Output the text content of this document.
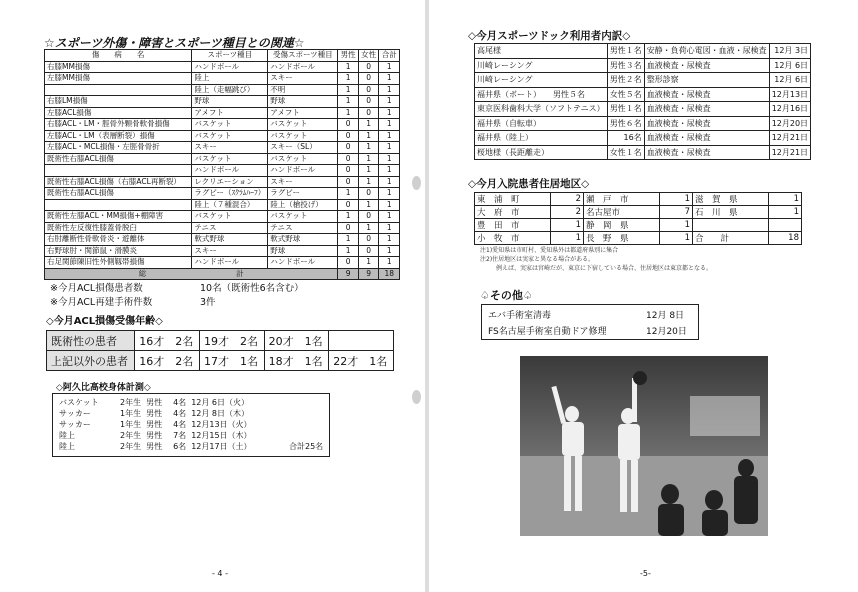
☆スポーツ外傷・障害とスポーツ種目との関連☆
傷　　病　　名	スポーツ種目	受傷スポーツ種目	男性	女性	合計
右膝MM損傷	ハンドボール	ハンドボール	1	0	1
左膝MM損傷	陸上	スキー	1	0	1
	陸上（走幅跳び）	不明	1	0	1
右膝LM損傷	野球	野球	1	0	1
左膝ACL損傷	アメフト	アメフト	1	0	1
右膝ACL・LM・脛骨外顆骨軟骨損傷	バスケット	バスケット	0	1	1
左膝ACL・LM（表層断裂）損傷	バスケット	バスケット	0	1	1
左膝ACL・MCL損傷・左脛骨骨折	スキー	スキー（SL）	0	1	1
既術性右膝ACL損傷	バスケット	バスケット	0	1	1
	ハンドボール	ハンドボール	0	1	1
既術性右膝ACL損傷（右膝ACL再断裂）	レクリエーション	スキー	0	1	1
既術性右膝ACL損傷	ラグビー（ｽｸﾗﾑﾊｰﾌ）	ラグビー	1	0	1
	陸上（７種混合）	陸上（槍投げ）	0	1	1
既術性左膝ACL・MM損傷+棚障害	バスケット	バスケット	1	0	1
既術性左反復性膝蓋骨脱臼	テニス	テニス	0	1	1
右肘離断性骨軟骨炎・遊離体	軟式野球	軟式野球	1	0	1
右野球肘・関節鼠・滑膜炎	スキー	野球	1	0	1
右足関節陳旧性外側靱帯損傷	ハンドボール	ハンドボール	0	1	1
総　　　　　　　　　　　　計			9	9	18
※今月ACL損傷患者数	10名（既術性6名含む）
※今月ACL再建手術件数	3件
◇今月ACL損傷受傷年齢◇
既術性の患者	16才　2名	19才　2名	20才　1名	
上記以外の患者	16才　2名	17才　1名	18才　1名	22才　1名
◇阿久比高校身体計測◇
バスケット	2年生	男性	4名	12月 6日（火）
サッカー	1年生	男性	4名	12月 8日（木）
サッカー	1年生	男性	4名	12月13日（火）
陸上	2年生	男性	7名	12月15日（木）
陸上	2年生	男性	6名	12月17日（土）	合計25名
- 4 -
◇今月スポーツドック利用者内訳◇
高尾様	男性１名	安静・負荷心電図・血液・尿検査	12月 3日
川崎レーシング	男性３名	血液検査・尿検査	12月 6日
川崎レーシング	男性２名	整形診察	12月 6日
福井県（ボート）　　男性５名	女性５名	血液検査・尿検査	12月13日
東京医科歯科大学（ソフトテニス）	男性１名	血液検査・尿検査	12月16日
福井県（自転車）	男性６名	血液検査・尿検査	12月20日
福井県（陸上）	16名	血液検査・尿検査	12月21日
桜地様（長距離走）	女性１名	血液検査・尿検査	12月21日
◇今月入院患者住居地区◇
東　浦　町	2	瀬　戸　市	1	滋　賀　県	1
大　府　市	2	名古屋市	7	石　川　県	1
豊　田　市	1	静　岡　県	1		
小　牧　市	1	長　野　県	1	合　　計	18
注1)愛知県は市町村、愛知県外は都道府県別に集合
注2)住居地区は実家と異なる場合がある。
例えば、実家は宮崎だが、東京に下宿している場合、住居地区は東京都となる。
♤その他♤
エバ手術室清毒	12月 8日
FS名古屋手術室自動ドア修理	12月20日
-5-
